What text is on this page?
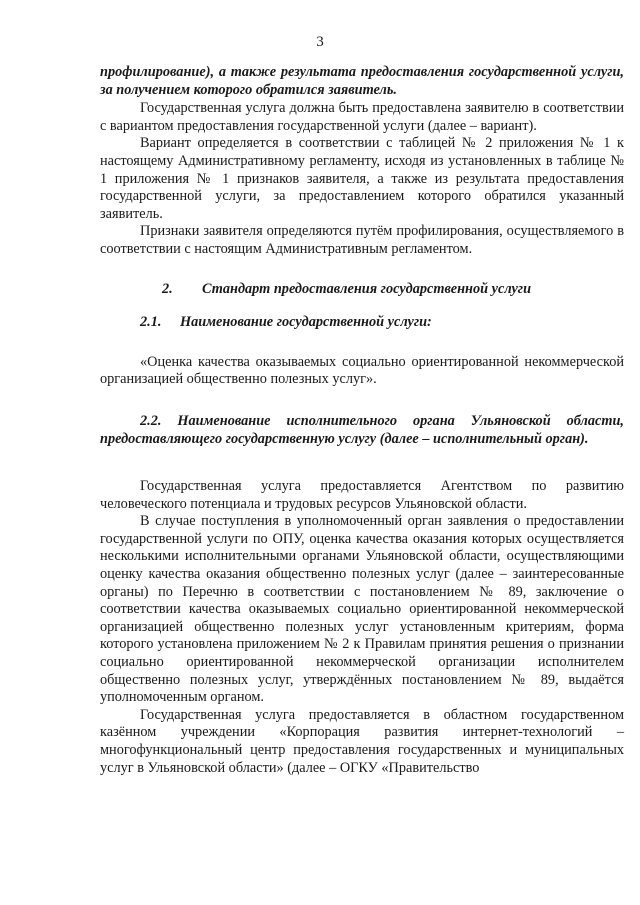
3

профилирование), а также результата предоставления государственной услуги, за получением которого обратился заявитель.

Государственная услуга должна быть предоставлена заявителю в соответствии с вариантом предоставления государственной услуги (далее – вариант).

Вариант определяется в соответствии с таблицей № 2 приложения № 1 к настоящему Административному регламенту, исходя из установленных в таблице № 1 приложения № 1 признаков заявителя, а также из результата предоставления государственной услуги, за предоставлением которого обратился указанный заявитель.

Признаки заявителя определяются путём профилирования, осуществляемого в соответствии с настоящим Административным регламентом.

2. Стандарт предоставления государственной услуги
2.1. Наименование государственной услуги:

«Оценка качества оказываемых социально ориентированной некоммерческой организацией общественно полезных услуг».

2.2. Наименование исполнительного органа Ульяновской области, предоставляющего государственную услугу (далее – исполнительный орган).

Государственная услуга предоставляется Агентством по развитию человеческого потенциала и трудовых ресурсов Ульяновской области.

В случае поступления в уполномоченный орган заявления о предоставлении государственной услуги по ОПУ, оценка качества оказания которых осуществляется несколькими исполнительными органами Ульяновской области, осуществляющими оценку качества оказания общественно полезных услуг (далее – заинтересованные органы) по Перечню в соответствии с постановлением № 89, заключение о соответствии качества оказываемых социально ориентированной некоммерческой организацией общественно полезных услуг установленным критериям, форма которого установлена приложением № 2 к Правилам принятия решения о признании социально ориентированной некоммерческой организации исполнителем общественно полезных услуг, утверждённых постановлением № 89, выдаётся уполномоченным органом.

Государственная услуга предоставляется в областном государственном казённом учреждении «Корпорация развития интернет-технологий – многофункциональный центр предоставления государственных и муниципальных услуг в Ульяновской области» (далее – ОГКУ «Правительство
